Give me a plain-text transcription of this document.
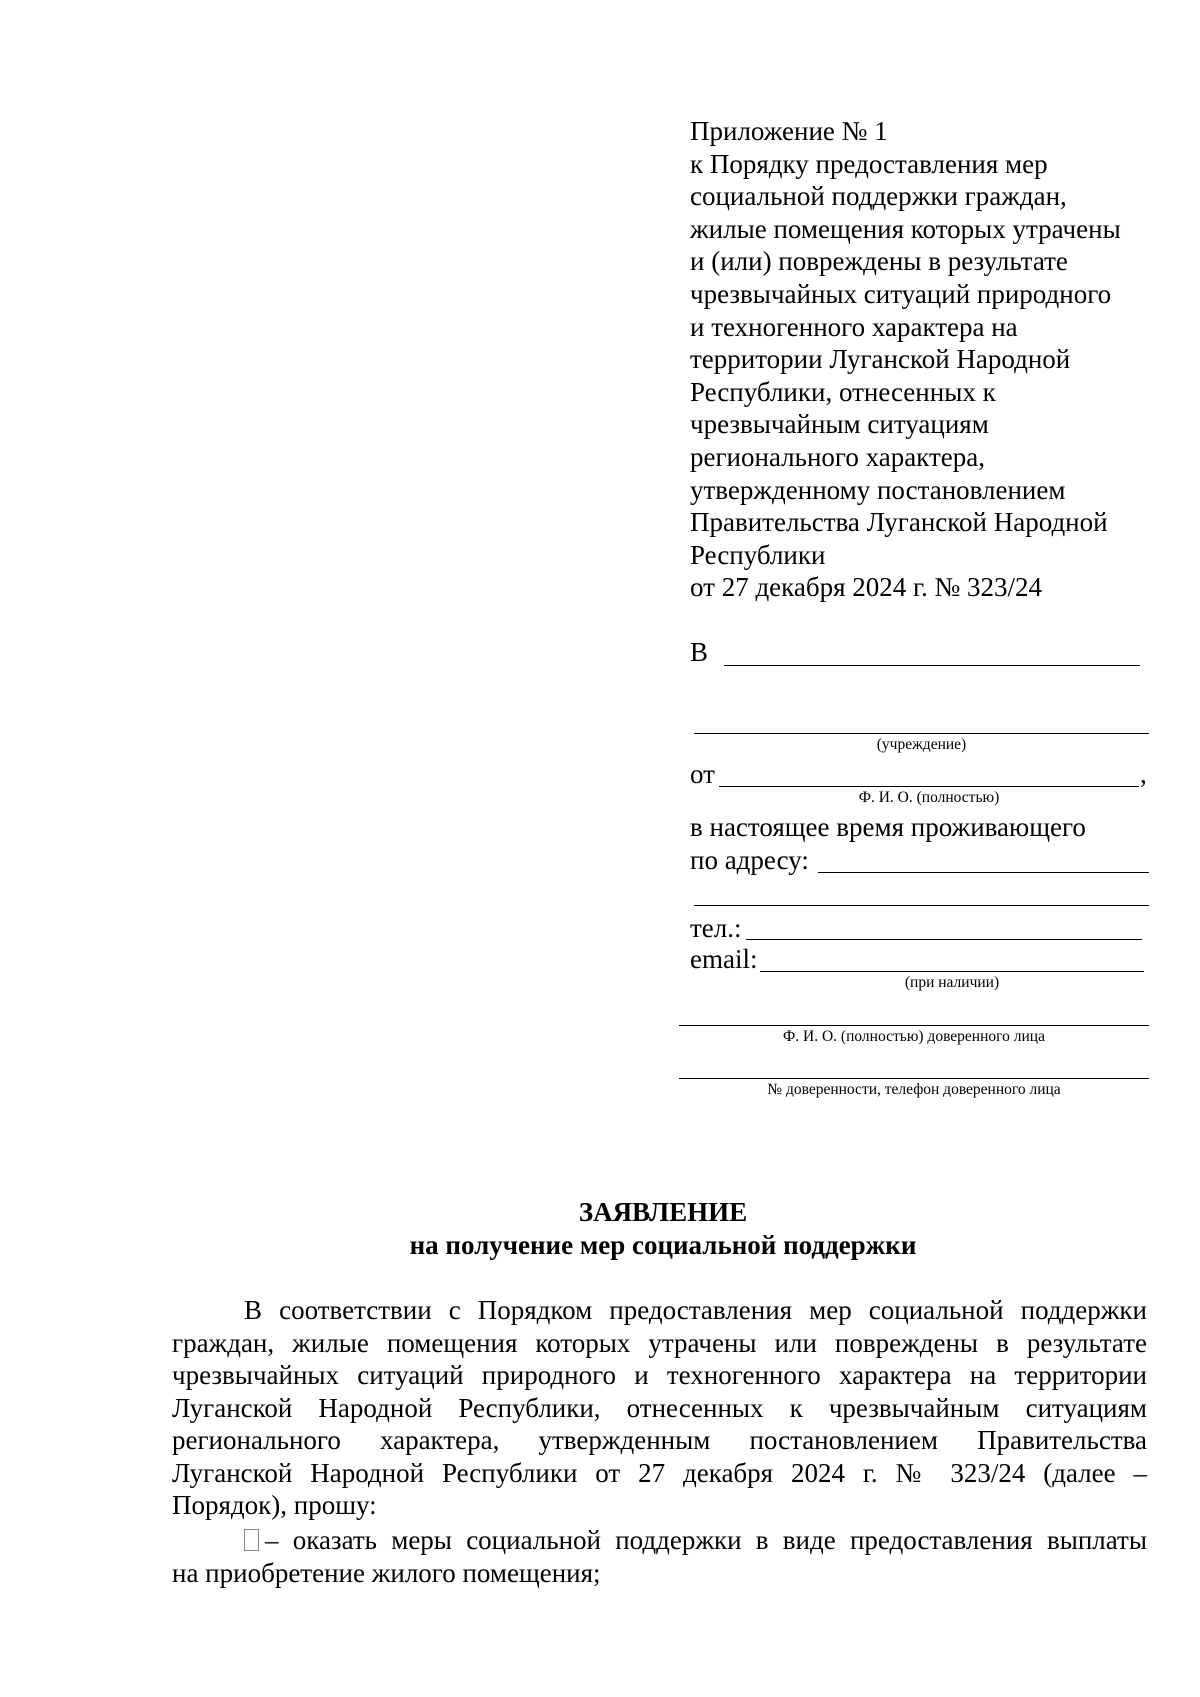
Приложение № 1
к Порядку предоставления мер
социальной поддержки граждан,
жилые помещения которых утрачены
и (или) повреждены в результате
чрезвычайных ситуаций природного
и техногенного характера на
территории Луганской Народной
Республики, отнесенных к
чрезвычайным ситуациям
регионального характера,
утвержденному постановлением
Правительства Луганской Народной
Республики
от 27 декабря 2024 г. № 323/24
В
(учреждение)
от	,
Ф. И. О. (полностью)
в настоящее время проживающего
по адресу:
тел.:
email:
(при наличии)
Ф. И. О. (полностью) доверенного лица
№ доверенности, телефон доверенного лица
ЗАЯВЛЕНИЕ
на получение мер социальной поддержки
В соответствии с Порядком предоставления мер социальной поддержки
граждан, жилые помещения которых утрачены или повреждены в результате
чрезвычайных ситуаций природного и техногенного характера на территории
Луганской Народной Республики, отнесенных к чрезвычайным ситуациям
регионального характера, утвержденным постановлением Правительства
Луганской Народной Республики от 27 декабря 2024 г. № 323/24 (далее –
Порядок), прошу:
– оказать меры социальной поддержки в виде предоставления выплаты
на приобретение жилого помещения;
